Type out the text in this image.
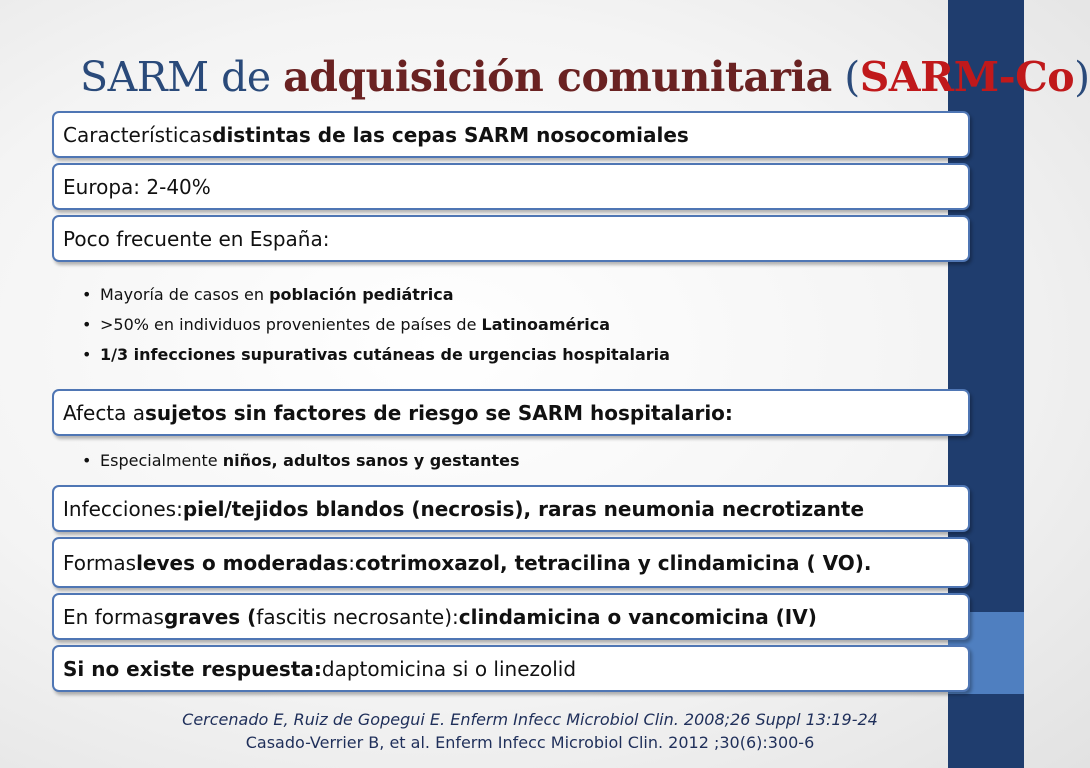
SARM de adquisición comunitaria (SARM-Co)
Características distintas de las cepas SARM nosocomiales
Europa: 2-40%
Poco frecuente en España:
• Mayoría de casos en población pediátrica
• >50% en individuos provenientes de países de Latinoamérica
• 1/3 infecciones supurativas cutáneas de urgencias hospitalaria
Afecta a sujetos sin factores de riesgo se SARM hospitalario:
• Especialmente niños, adultos sanos y gestantes
Infecciones: piel/tejidos blandos (necrosis), raras neumonia necrotizante
Formas leves o moderadas : cotrimoxazol, tetracilina y clindamicina ( VO).
En formas graves ( fascitis necrosante): clindamicina o vancomicina (IV)
Si no existe respuesta: daptomicina si o linezolid
Cercenado E, Ruiz de Gopegui E. Enferm Infecc Microbiol Clin. 2008;26 Suppl 13:19-24
Casado-Verrier B, et al. Enferm Infecc Microbiol Clin. 2012 ;30(6):300-6
